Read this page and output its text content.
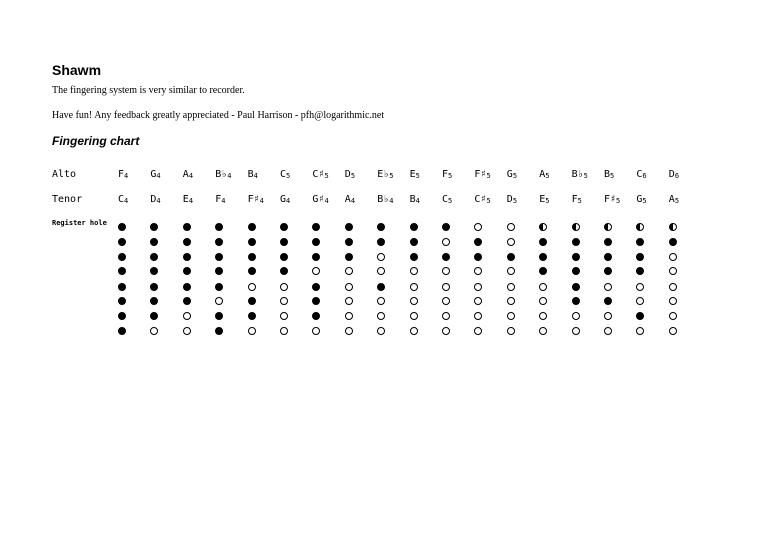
Shawm
The fingering system is very similar to recorder.
Have fun! Any feedback greatly appreciated - Paul Harrison - pfh@logarithmic.net
Fingering chart
Alto
Tenor
Register hole
F4 G4 A4 B♭4 B4 C5 C♯5 D5 E♭5 E5 F5 F♯5 G5 A5 B♭5 B5 C6 D6
C4 D4 E4 F4 F♯4 G4 G♯4 A4 B♭4 B4 C5 C♯5 D5 E5 F5 F♯5 G5 A5
